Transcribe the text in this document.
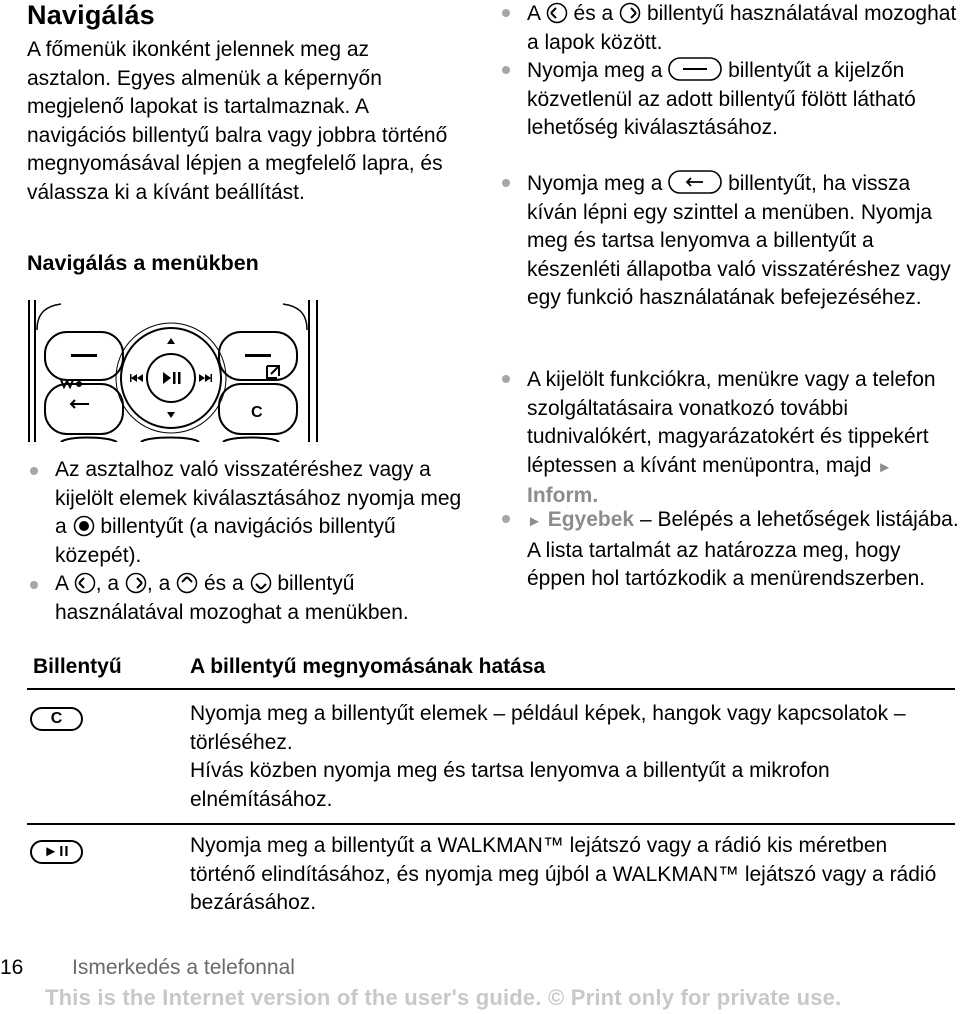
Navigálás
A főmenük ikonként jelennek meg az asztalon. Egyes almenük a képernyőn megjelenő lapokat is tartalmaznak. A navigációs billentyű balra vagy jobbra történő megnyomásával lépjen a megfelelő lapra, és válassza ki a kívánt beállítást.
Navigálás a menükben
C
Az asztalhoz való visszatéréshez vagy a kijelölt elemek kiválasztásához nyomja meg a billentyűt (a navigációs billentyű közepét).
A , a , a és a billentyű használatával mozoghat a menükben.
A és a billentyű használatával mozoghat a lapok között.
Nyomja meg a	billentyűt a kijelzőn közvetlenül az adott billentyű fölött látható lehetőség kiválasztásához.
Nyomja meg a	billentyűt, ha vissza kíván lépni egy szinttel a menüben. Nyomja meg és tartsa lenyomva a billentyűt a készenléti állapotba való visszatéréshez vagy egy funkció használatának befejezéséhez.
A kijelölt funkciókra, menükre vagy a telefon szolgáltatásaira vonatkozó további tudnivalókért, magyarázatokért és tippekért léptessen a kívánt menüpontra, majd ► Inform.
► Egyebek – Belépés a lehetőségek listájába. A lista tartalmát az határozza meg, hogy éppen hol tartózkodik a menürendszerben.
Billentyű	A billentyű megnyomásának hatása
C	Nyomja meg a billentyűt elemek – például képek, hangok vagy kapcsolatok – törléséhez.
Hívás közben nyomja meg és tartsa lenyomva a billentyűt a mikrofon elnémításához.
►II	Nyomja meg a billentyűt a WALKMAN™ lejátszó vagy a rádió kis méretben történő elindításához, és nyomja meg újból a WALKMAN™ lejátszó vagy a rádió bezárásához.
16 Ismerkedés a telefonnal
This is the Internet version of the user's guide. © Print only for private use.
